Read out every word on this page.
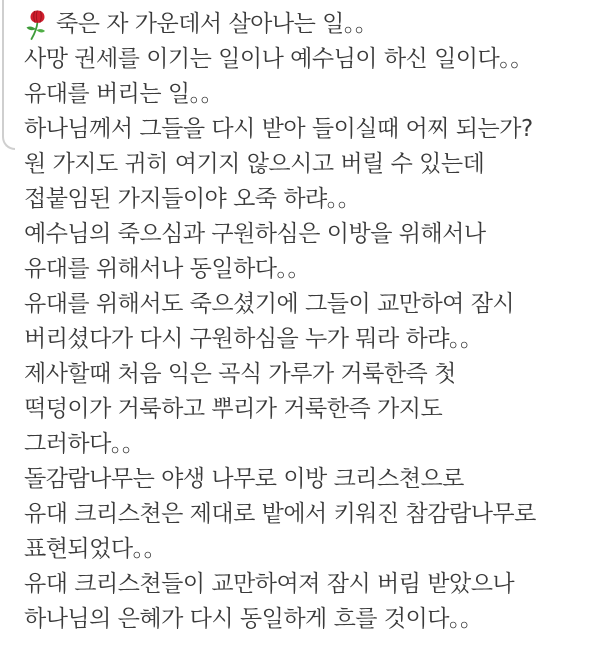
죽은 자 가운데서 살아나는 일。。
사망 권세를 이기는 일이나 예수님이 하신 일이다。。
유대를 버리는 일。。
하나님께서 그들을 다시 받아 들이실때 어찌 되는가?
원 가지도 귀히 여기지 않으시고 버릴 수 있는데
접붙임된 가지들이야 오죽 하랴。。
예수님의 죽으심과 구원하심은 이방을 위해서나
유대를 위해서나 동일하다。。
유대를 위해서도 죽으셨기에 그들이 교만하여 잠시
버리셨다가 다시 구원하심을 누가 뭐라 하랴。。
제사할때 처음 익은 곡식 가루가 거룩한즉 첫
떡덩이가 거룩하고 뿌리가 거룩한즉 가지도
그러하다。。
돌감람나무는 야생 나무로 이방 크리스쳔으로
유대 크리스쳔은 제대로 밭에서 키워진 참감람나무로
표현되었다。。
유대 크리스쳔들이 교만하여져 잠시 버림 받았으나
하나님의 은혜가 다시 동일하게 흐를 것이다。。
